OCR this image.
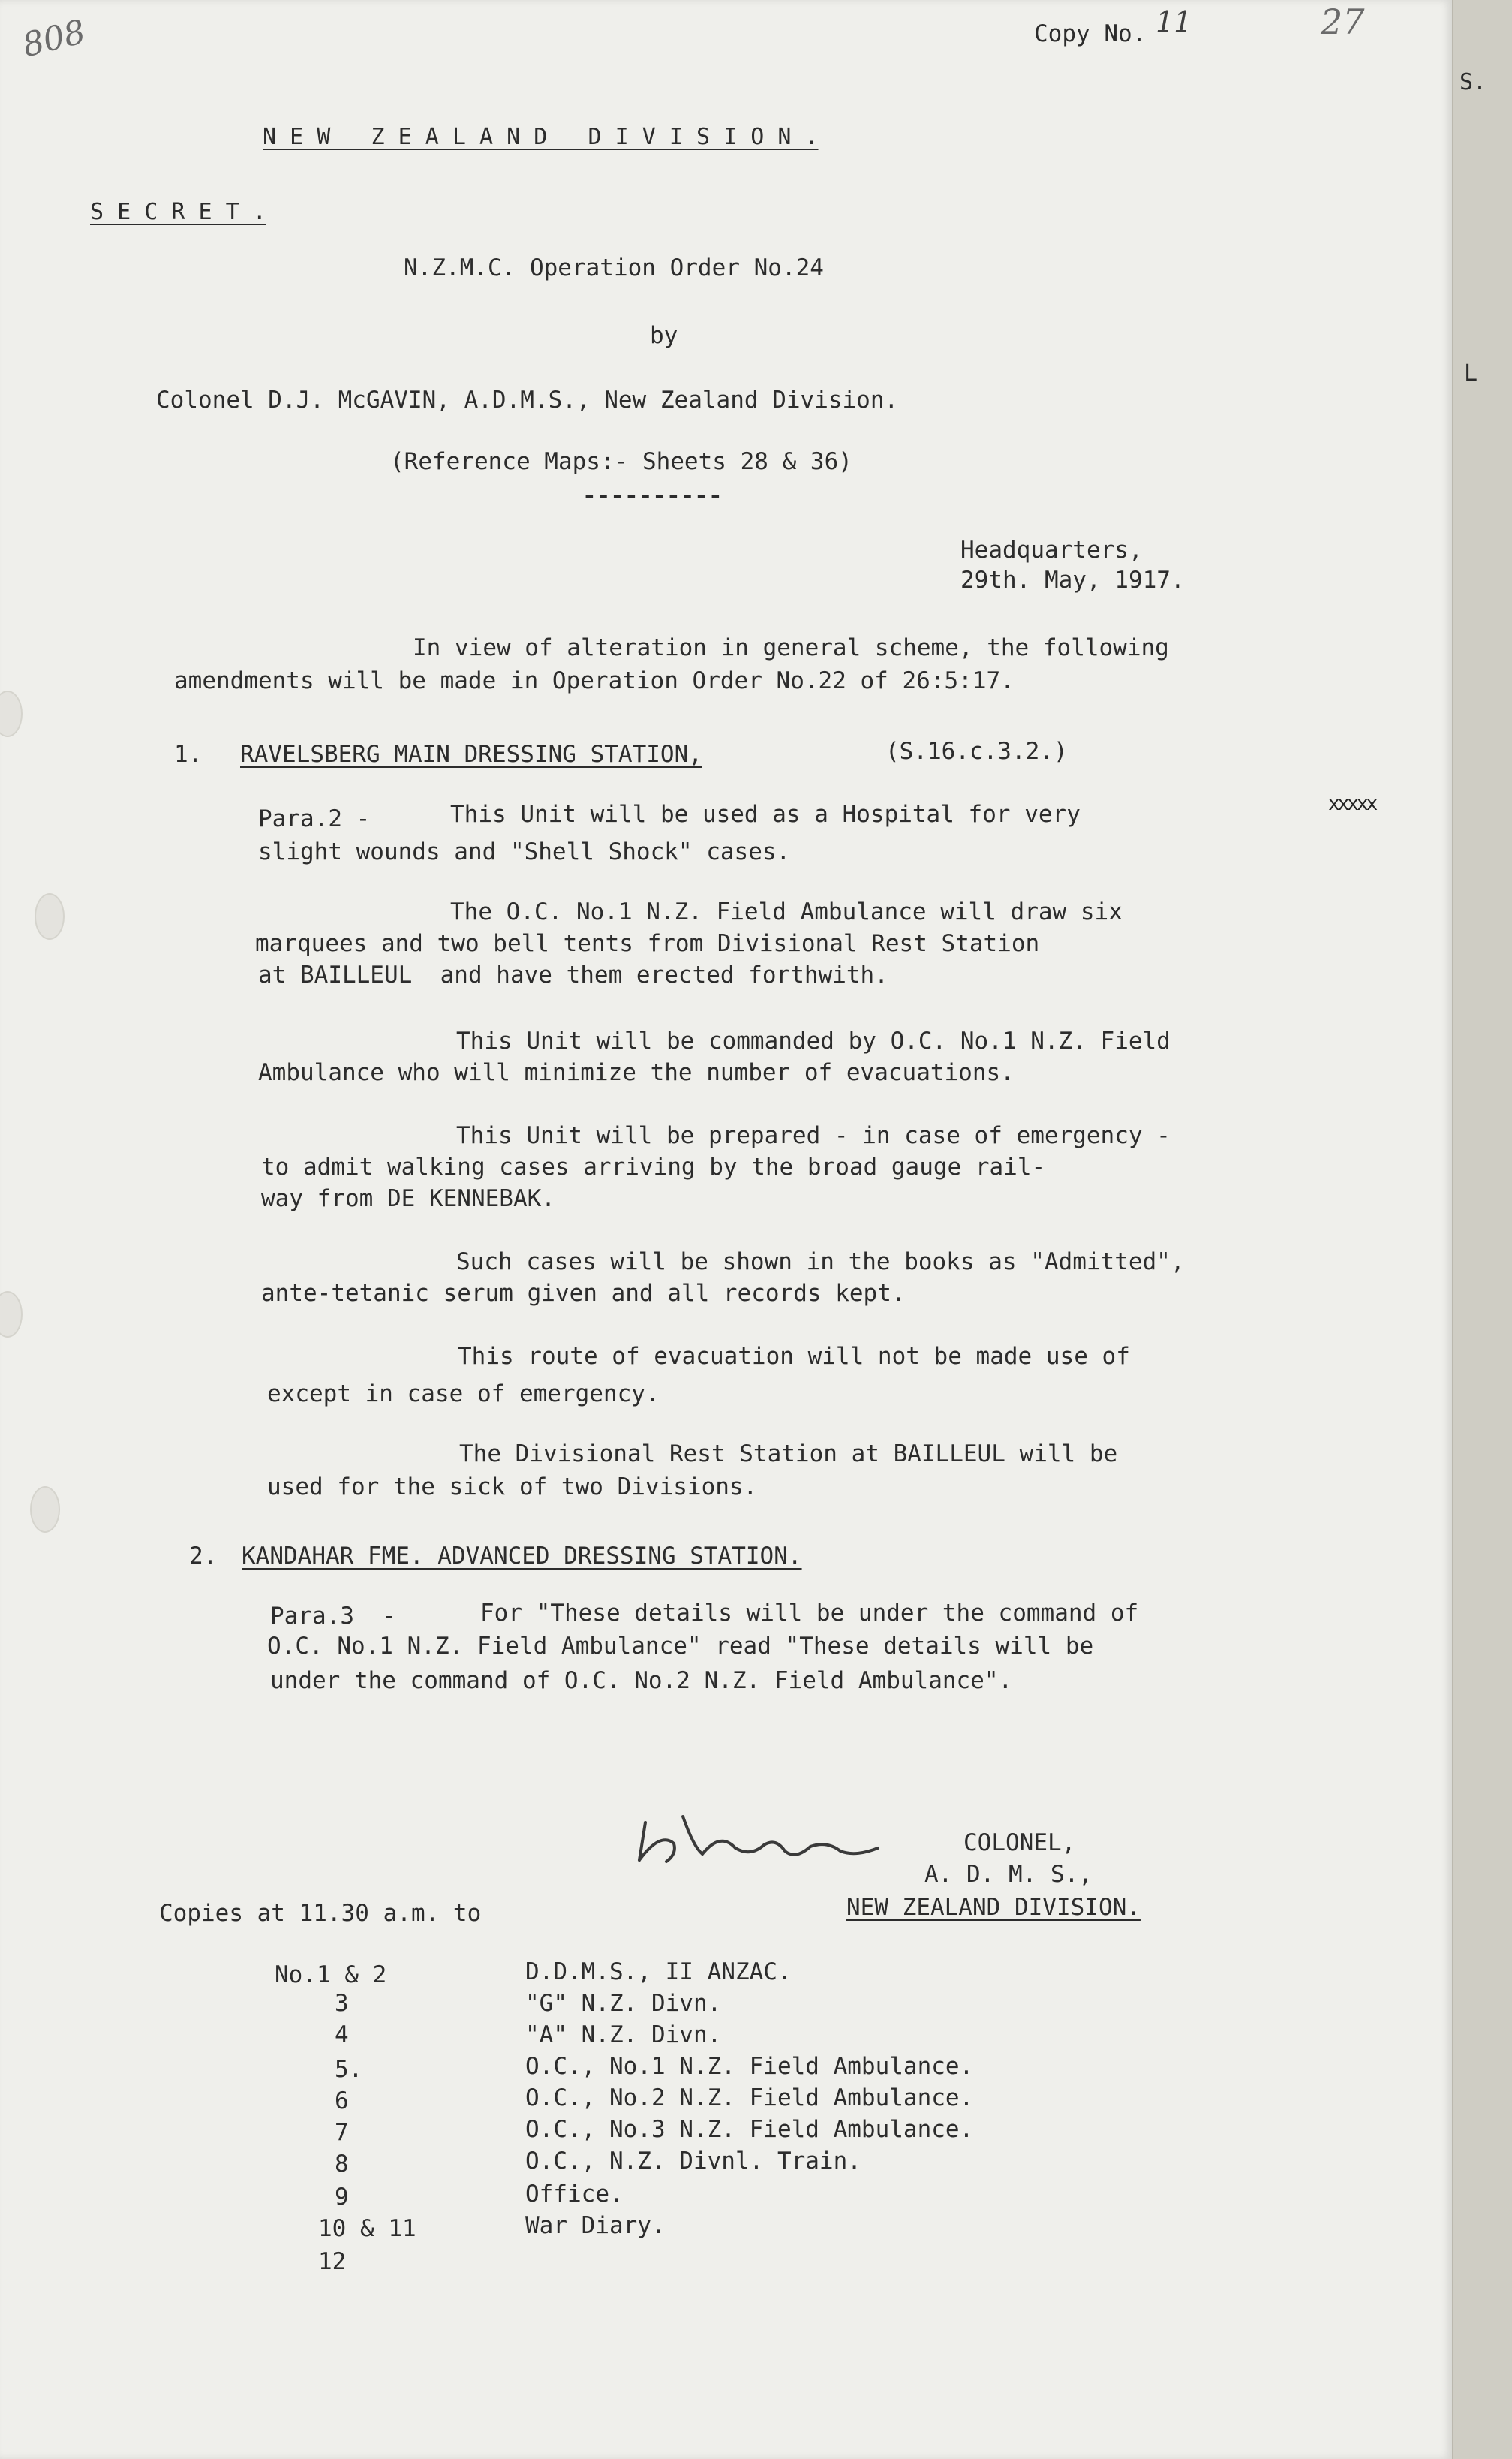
S.
L
808	Copy No. 11	27
N E W   Z E A L A N D   D I V I S I O N .
S E C R E T .
N.Z.M.C. Operation Order No.24
by
Colonel D.J. McGAVIN, A.D.M.S., New Zealand Division.
(Reference Maps:- Sheets 28 & 36)
----------
Headquarters,
29th. May, 1917.
In view of alteration in general scheme, the following
amendments will be made in Operation Order No.22 of 26:5:17.
1. RAVELSBERG MAIN DRESSING STATION,	(S.16.c.3.2.)
Para.2 -	This Unit will be used as a Hospital for very	xxxxx
slight wounds and "Shell Shock" cases.
The O.C. No.1 N.Z. Field Ambulance will draw six
marquees and two bell tents from Divisional Rest Station
at BAILLEUL  and have them erected forthwith.
This Unit will be commanded by O.C. No.1 N.Z. Field
Ambulance who will minimize the number of evacuations.
This Unit will be prepared - in case of emergency -
to admit walking cases arriving by the broad gauge rail-
way from DE KENNEBAK.
Such cases will be shown in the books as "Admitted",
ante-tetanic serum given and all records kept.
This route of evacuation will not be made use of
except in case of emergency.
The Divisional Rest Station at BAILLEUL will be
used for the sick of two Divisions.
2. KANDAHAR FME. ADVANCED DRESSING STATION.
Para.3  -	For "These details will be under the command of
O.C. No.1 N.Z. Field Ambulance" read "These details will be
under the command of O.C. No.2 N.Z. Field Ambulance".
COLONEL,
A. D. M. S.,
NEW ZEALAND DIVISION.
Copies at 11.30 a.m. to
No.1 & 2	D.D.M.S., II ANZAC.
3	"G" N.Z. Divn.
4	"A" N.Z. Divn.
5.	O.C., No.1 N.Z. Field Ambulance.
6	O.C., No.2 N.Z. Field Ambulance.
7	O.C., No.3 N.Z. Field Ambulance.
8	O.C., N.Z. Divnl. Train.
9	Office.
10 & 11	War Diary.
12
